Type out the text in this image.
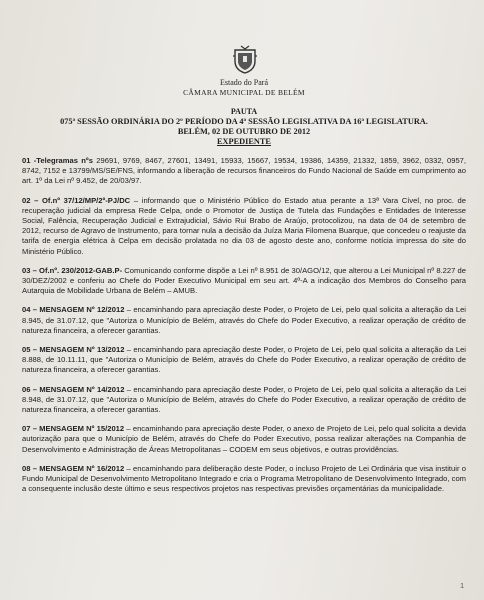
Estado do Pará
CÂMARA MUNICIPAL DE BELÉM
PAUTA
075ª SESSÃO ORDINÁRIA DO 2º PERÍODO DA 4ª SESSÃO LEGISLATIVA DA 16ª LEGISLATURA.
BELÉM, 02 DE OUTUBRO DE 2012
EXPEDIENTE

01 -Telegramas nºs 29691, 9769, 8467, 27601, 13491, 15933, 15667, 19534, 19386, 14359, 21332, 1859, 3962, 0332, 0957, 8742, 7152 e 13799/MS/SE/FNS, informando a liberação de recursos financeiros do Fundo Nacional de Saúde em cumprimento ao art. 1º da Lei nº 9.452, de 20/03/97.

02 – Of.nº 37/12/MP/2º-PJ/DC – informando que o Ministério Público do Estado atua perante a 13ª Vara Cível, no proc. de recuperação judicial da empresa Rede Celpa, onde o Promotor de Justiça de Tutela das Fundações e Entidades de Interesse Social, Falência, Recuperação Judicial e Extrajudicial, Sávio Rui Brabo de Araújo, protocolizou, na data de 04 de setembro de 2012, recurso de Agravo de Instrumento, para tornar nula a decisão da Juíza Maria Filomena Buarque, que concedeu o reajuste da tarifa de energia elétrica à Celpa em decisão prolatada no dia 03 de agosto deste ano, conforme notícia impressa do site do Ministério Público.

03 – Of.nº. 230/2012-GAB.P- Comunicando conforme dispõe a Lei nº 8.951 de 30/AGO/12, que alterou a Lei Municipal nº 8.227 de 30/DEZ/2002 e conferiu ao Chefe do Poder Executivo Municipal em seu art. 4º-A a indicação dos Membros do Conselho para Autarquia de Mobilidade Urbana de Belém – AMUB.

04 – MENSAGEM Nº 12/2012 – encaminhando para apreciação deste Poder, o Projeto de Lei, pelo qual solicita a alteração da Lei 8.945, de 31.07.12, que "Autoriza o Município de Belém, através do Chefe do Poder Executivo, a realizar operação de crédito de natureza financeira, a oferecer garantias.

05 – MENSAGEM Nº 13/2012 – encaminhando para apreciação deste Poder, o Projeto de Lei, pelo qual solicita a alteração da Lei 8.888, de 10.11.11, que "Autoriza o Município de Belém, através do Chefe do Poder Executivo, a realizar operação de crédito de natureza financeira, a oferecer garantias.

06 – MENSAGEM Nº 14/2012 – encaminhando para apreciação deste Poder, o Projeto de Lei, pelo qual solicita a alteração da Lei 8.948, de 31.07.12, que "Autoriza o Município de Belém, através do Chefe do Poder Executivo, a realizar operação de crédito de natureza financeira, a oferecer garantias.

07 – MENSAGEM Nº 15/2012 – encaminhando para apreciação deste Poder, o anexo de Projeto de Lei, pelo qual solicita a devida autorização para que o Município de Belém, através do Chefe do Poder Executivo, possa realizar alterações na Companhia de Desenvolvimento e Administração de Áreas Metropolitanas – CODEM em seus objetivos, e outras providências.

08 – MENSAGEM Nº 16/2012 – encaminhando para deliberação deste Poder, o incluso Projeto de Lei Ordinária que visa instituir o Fundo Municipal de Desenvolvimento Metropolitano Integrado e cria o Programa Metropolitano de Desenvolvimento Integrado, com a consequente inclusão deste último e seus respectivos projetos nas respectivas previsões orçamentárias da municipalidade.

1
